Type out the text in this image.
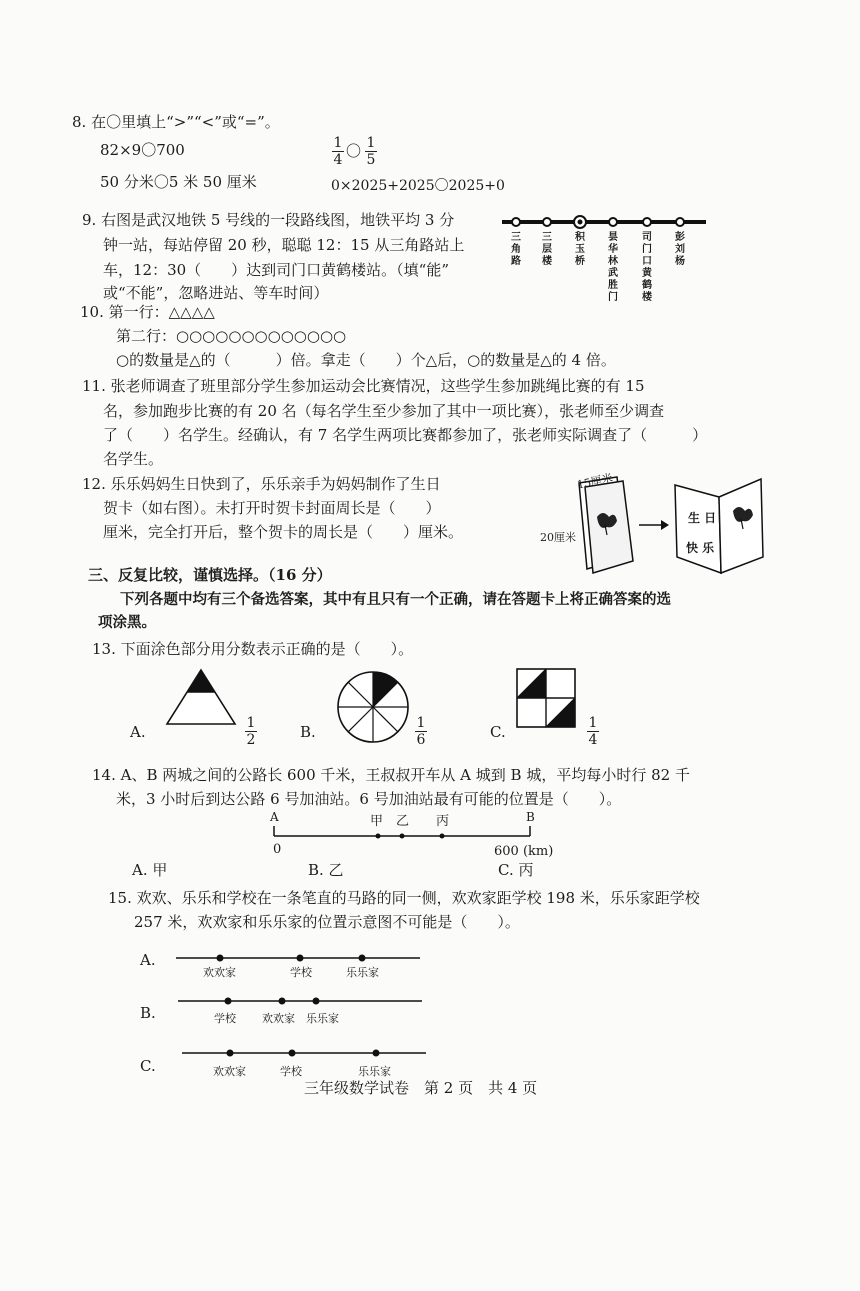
8. 在〇里填上“>”“<”或“=”。
82×9〇700	1
4 〇 1
5
50 分米〇5 米 50 厘米	0×2025+2025〇2025+0
9. 右图是武汉地铁 5 号线的一段路线图，地铁平均 3 分
钟一站，每站停留 20 秒，聪聪 12：15 从三角路站上
车，12：30（　　）达到司门口黄鹤楼站。（填“能”
或“不能”，忽略进站、等车时间）
三角路
三层楼
积玉桥
昙华林武胜门
司门口黄鹤楼
彭刘杨
10. 第一行：△△△△
第二行：○○○○○○○○○○○○○
○的数量是△的（　　　）倍。拿走（　　）个△后，○的数量是△的 4 倍。
11. 张老师调查了班里部分学生参加运动会比赛情况，这些学生参加跳绳比赛的有 15
名，参加跑步比赛的有 20 名（每名学生至少参加了其中一项比赛），张老师至少调查
了（　　）名学生。经确认，有 7 名学生两项比赛都参加了，张老师实际调查了（　　　）
名学生。
12. 乐乐妈妈生日快到了，乐乐亲手为妈妈制作了生日
贺卡（如右图）。未打开时贺卡封面周长是（　　）
厘米，完全打开后，整个贺卡的周长是（　　）厘米。
15厘米
20厘米
生 日
快 乐
三、反复比较，谨慎选择。（16 分）
下列各题中均有三个备选答案，其中有且只有一个正确，请在答题卡上将正确答案的选
项涂黑。
13. 下面涂色部分用分数表示正确的是（　　）。
A.	1
2	B.	1
6	C.	1
4
14. A、B 两城之间的公路长 600 千米，王叔叔开车从 A 城到 B 城，平均每小时行 82 千
米，3 小时后到达公路 6 号加油站。6 号加油站最有可能的位置是（　　）。
A	B
甲 乙 丙
0	600 (km)
A. 甲	B. 乙	C. 丙
15. 欢欢、乐乐和学校在一条笔直的马路的同一侧，欢欢家距学校 198 米，乐乐家距学校
257 米，欢欢家和乐乐家的位置示意图不可能是（　　）。
A.
欢欢家	学校	乐乐家
B.	学校 欢欢家 乐乐家
C.	欢欢家	学校	乐乐家
三年级数学试卷　第 2 页　共 4 页
